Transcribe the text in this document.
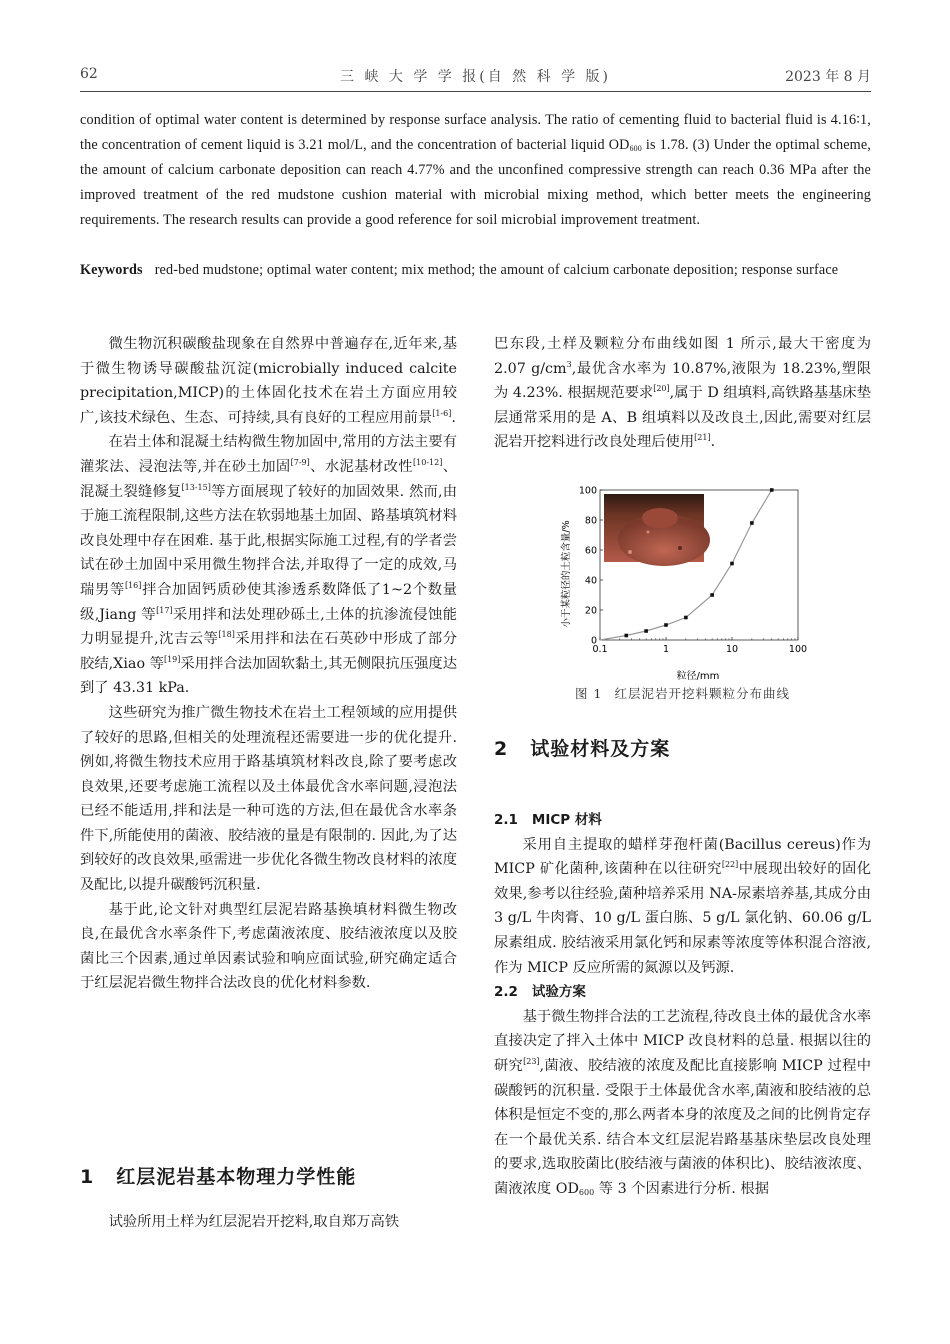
62	三 峡 大 学 学 报(自 然 科 学 版)	2023 年 8 月

condition of optimal water content is determined by response surface analysis. The ratio of cementing fluid to bacterial fluid is 4.16∶1, the concentration of cement liquid is 3.21 mol/L, and the concentration of bacterial liquid $OD_{600}$ is 1.78. (3) Under the optimal scheme, the amount of calcium carbonate deposition can reach 4.77% and the unconfined compressive strength can reach 0.36 MPa after the improved treatment of the red mudstone cushion material with microbial mixing method, which better meets the engineering requirements. The research results can provide a good reference for soil microbial improvement treatment.

Keywords red-bed mudstone; optimal water content; mix method; the amount of calcium carbonate deposition; response surface

微生物沉积碳酸盐现象在自然界中普遍存在,近年来,基于微生物诱导碳酸盐沉淀(microbially induced calcite precipitation,MICP)的土体固化技术在岩土方面应用较广,该技术绿色、生态、可持续,具有良好的工程应用前景[1-6].

在岩土体和混凝土结构微生物加固中,常用的方法主要有灌浆法、浸泡法等,并在砂土加固[7-9]、水泥基材改性[10-12]、混凝土裂缝修复[13-15]等方面展现了较好的加固效果. 然而,由于施工流程限制,这些方法在软弱地基土加固、路基填筑材料改良处理中存在困难. 基于此,根据实际施工过程,有的学者尝试在砂土加固中采用微生物拌合法,并取得了一定的成效,马瑞男等[16]拌合加固钙质砂使其渗透系数降低了1~2个数量级,Jiang 等[17]采用拌和法处理砂砾土,土体的抗渗流侵蚀能力明显提升,沈吉云等[18]采用拌和法在石英砂中形成了部分胶结,Xiao 等[19]采用拌合法加固软黏土,其无侧限抗压强度达到了 43.31 kPa.

这些研究为推广微生物技术在岩土工程领域的应用提供了较好的思路,但相关的处理流程还需要进一步的优化提升. 例如,将微生物技术应用于路基填筑材料改良,除了要考虑改良效果,还要考虑施工流程以及土体最优含水率问题,浸泡法已经不能适用,拌和法是一种可选的方法,但在最优含水率条件下,所能使用的菌液、胶结液的量是有限制的. 因此,为了达到较好的改良效果,亟需进一步优化各微生物改良材料的浓度及配比,以提升碳酸钙沉积量.

基于此,论文针对典型红层泥岩路基换填材料微生物改良,在最优含水率条件下,考虑菌液浓度、胶结液浓度以及胶菌比三个因素,通过单因素试验和响应面试验,研究确定适合于红层泥岩微生物拌合法改良的优化材料参数.

1 红层泥岩基本物理力学性能

试验所用土样为红层泥岩开挖料,取自郑万高铁

巴东段,土样及颗粒分布曲线如图 1 所示,最大干密度为 2.07 $g/cm^3$,最优含水率为 10.87%,液限为 18.23%,塑限为 4.23%. 根据规范要求[20],属于 D 组填料,高铁路基基床垫层通常采用的是 A、B 组填料以及改良土,因此,需要对红层泥岩开挖料进行改良处理后使用[21].

0
20
40
60
80
100
0.1	1	10	100
粒径/mm
小于某粒径的土粒含量/%
图 1 红层泥岩开挖料颗粒分布曲线
2 试验材料及方案

2.1 MICP 材料

采用自主提取的蜡样芽孢杆菌(Bacillus cereus)作为 MICP 矿化菌种,该菌种在以往研究[22]中展现出较好的固化效果,参考以往经验,菌种培养采用 NA-尿素培养基,其成分由 3 g/L 牛肉膏、10 g/L 蛋白胨、5 g/L 氯化钠、60.06 g/L 尿素组成. 胶结液采用氯化钙和尿素等浓度等体积混合溶液,作为 MICP 反应所需的氮源以及钙源.

2.2 试验方案

基于微生物拌合法的工艺流程,待改良土体的最优含水率直接决定了拌入土体中 MICP 改良材料的总量. 根据以往的研究[23],菌液、胶结液的浓度及配比直接影响 MICP 过程中碳酸钙的沉积量. 受限于土体最优含水率,菌液和胶结液的总体积是恒定不变的,那么两者本身的浓度及之间的比例肯定存在一个最优关系. 结合本文红层泥岩路基基床垫层改良处理的要求,选取胶菌比(胶结液与菌液的体积比)、胶结液浓度、菌液浓度 $OD_{600}$ 等 3 个因素进行分析. 根据
